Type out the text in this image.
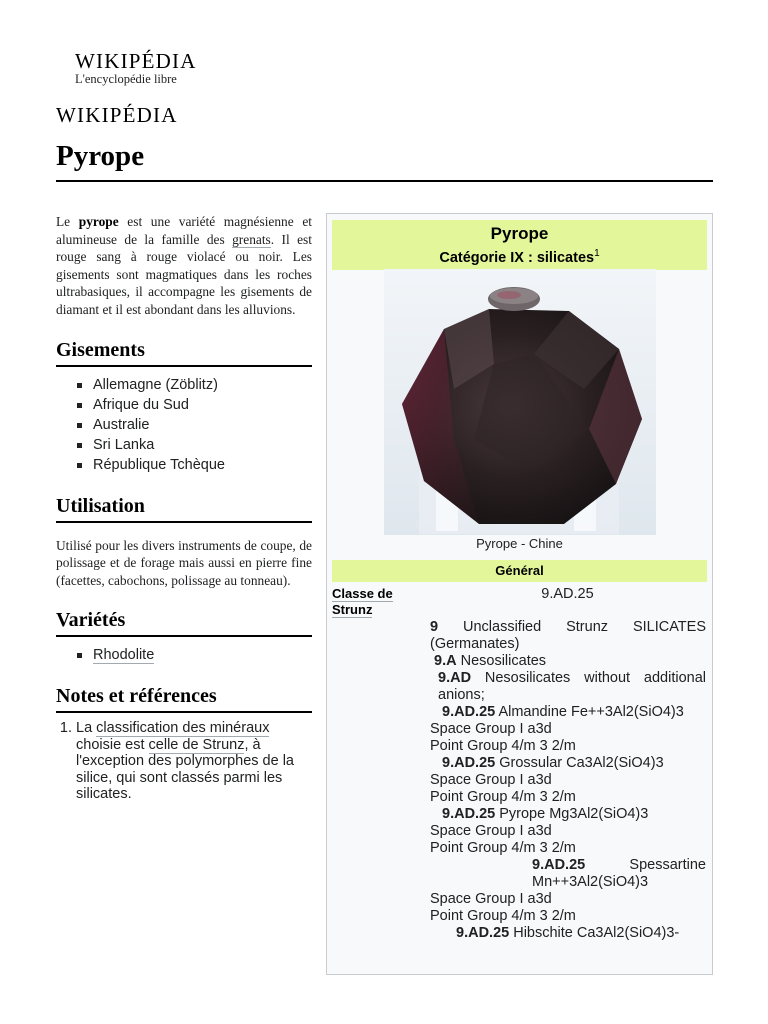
WIKIPÉDIA
L'encyclopédie libre
WIKIPÉDIA
Pyrope

Le pyrope est une variété magnésienne et alumineuse de la famille des grenats. Il est rouge sang à rouge violacé ou noir. Les gisements sont magmatiques dans les roches ultrabasiques, il accompagne les gisements de diamant et il est abondant dans les alluvions.

Gisements
Allemagne (Zöblitz)
Afrique du Sud
Australie
Sri Lanka
République Tchèque
Utilisation

Utilisé pour les divers instruments de coupe, de polissage et de forage mais aussi en pierre fine (facettes, cabochons, polissage au tonneau).

Variétés
Rhodolite
Notes et références
1. La classification des minéraux choisie est celle de Strunz, à l'exception des polymorphes de la silice, qui sont classés parmi les silicates.
Pyrope
Catégorie IX : silicates$^1$
Pyrope - Chine
Général
Classe de Strunz
9.AD.25
9 Unclassified Strunz SILICATES (Germanates)
9.A Nesosilicates
9.AD Nesosilicates without additional anions;
9.AD.25 Almandine Fe++3Al2(SiO4)3
Space Group I a3d
Point Group 4/m 3 2/m
9.AD.25 Grossular Ca3Al2(SiO4)3
Space Group I a3d
Point Group 4/m 3 2/m
9.AD.25 Pyrope Mg3Al2(SiO4)3
Space Group I a3d
Point Group 4/m 3 2/m
9.AD.25	Spessartine Mn++3Al2(SiO4)3
Space Group I a3d
Point Group 4/m 3 2/m
9.AD.25 Hibschite Ca3Al2(SiO4)3-
